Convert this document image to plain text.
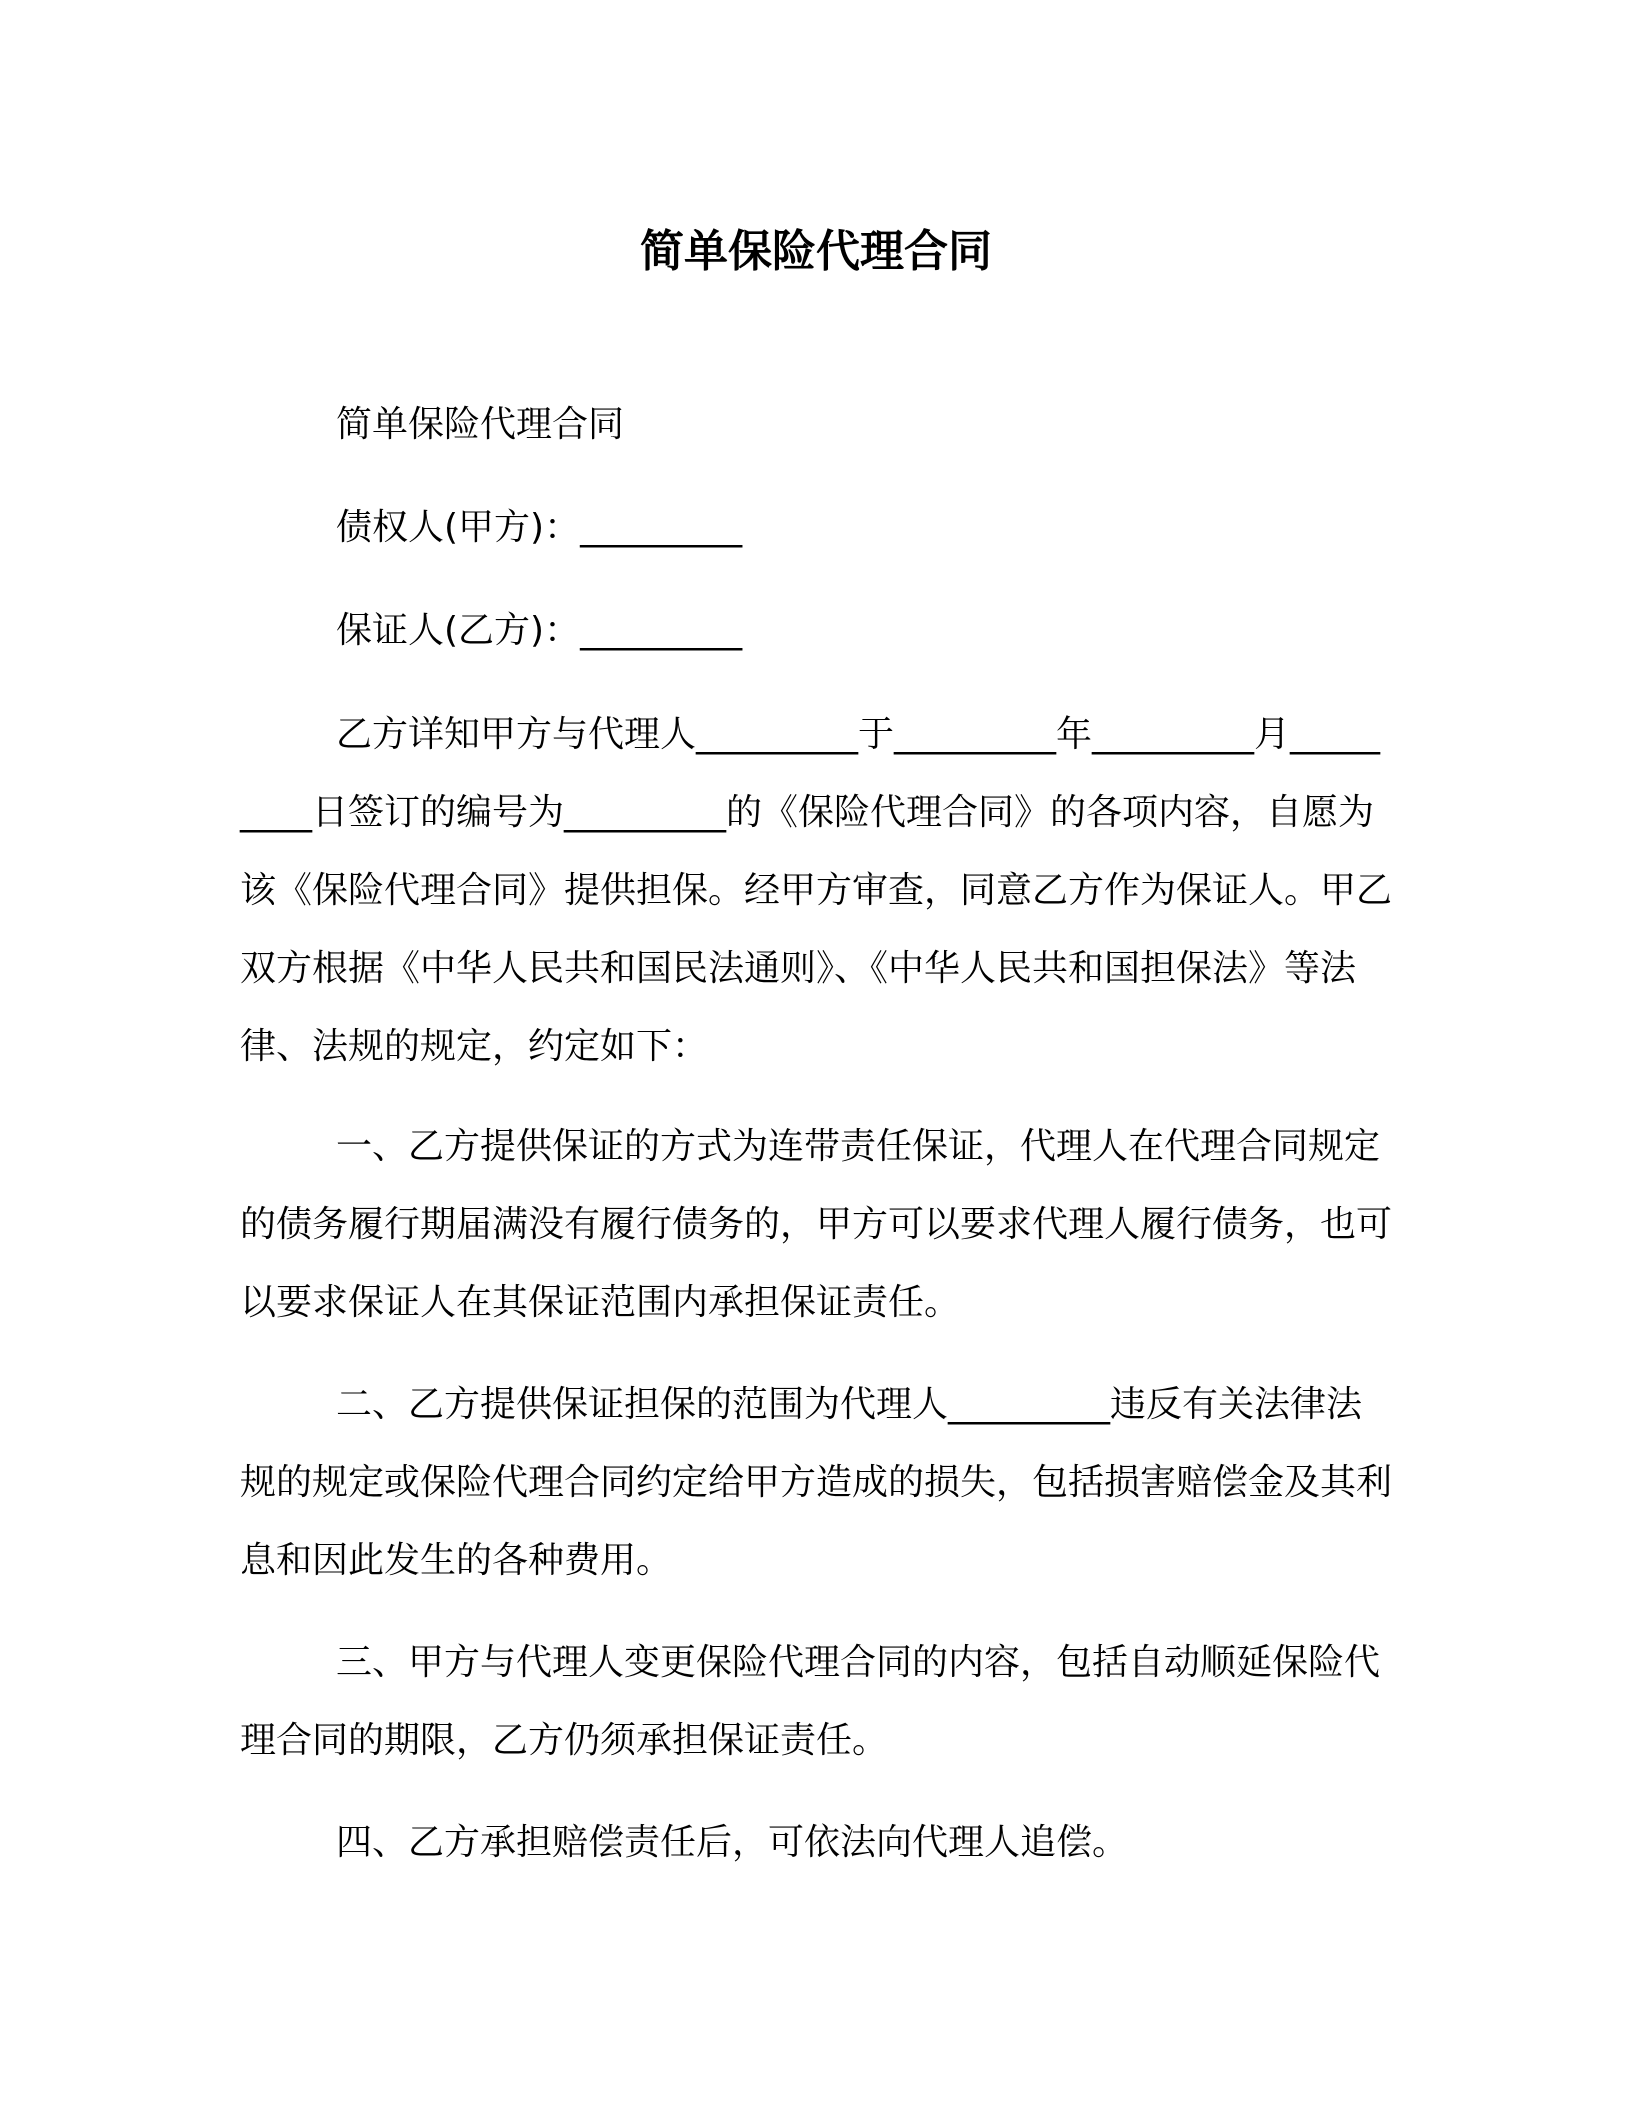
简单保险代理合同

简单保险代理合同

债权人(甲方)：_________

保证人(乙方)：_________

乙方详知甲方与代理人_________于_________年_________月_________日签订的编号为_________的《保险代理合同》的各项内容，自愿为该《保险代理合同》提供担保。经甲方审查，同意乙方作为保证人。甲乙双方根据《中华人民共和国民法通则》、《中华人民共和国担保法》等法律、法规的规定，约定如下：

一、乙方提供保证的方式为连带责任保证，代理人在代理合同规定的债务履行期届满没有履行债务的，甲方可以要求代理人履行债务，也可以要求保证人在其保证范围内承担保证责任。

二、乙方提供保证担保的范围为代理人_________违反有关法律法规的规定或保险代理合同约定给甲方造成的损失，包括损害赔偿金及其利息和因此发生的各种费用。

三、甲方与代理人变更保险代理合同的内容，包括自动顺延保险代理合同的期限，乙方仍须承担保证责任。

四、乙方承担赔偿责任后，可依法向代理人追偿。
